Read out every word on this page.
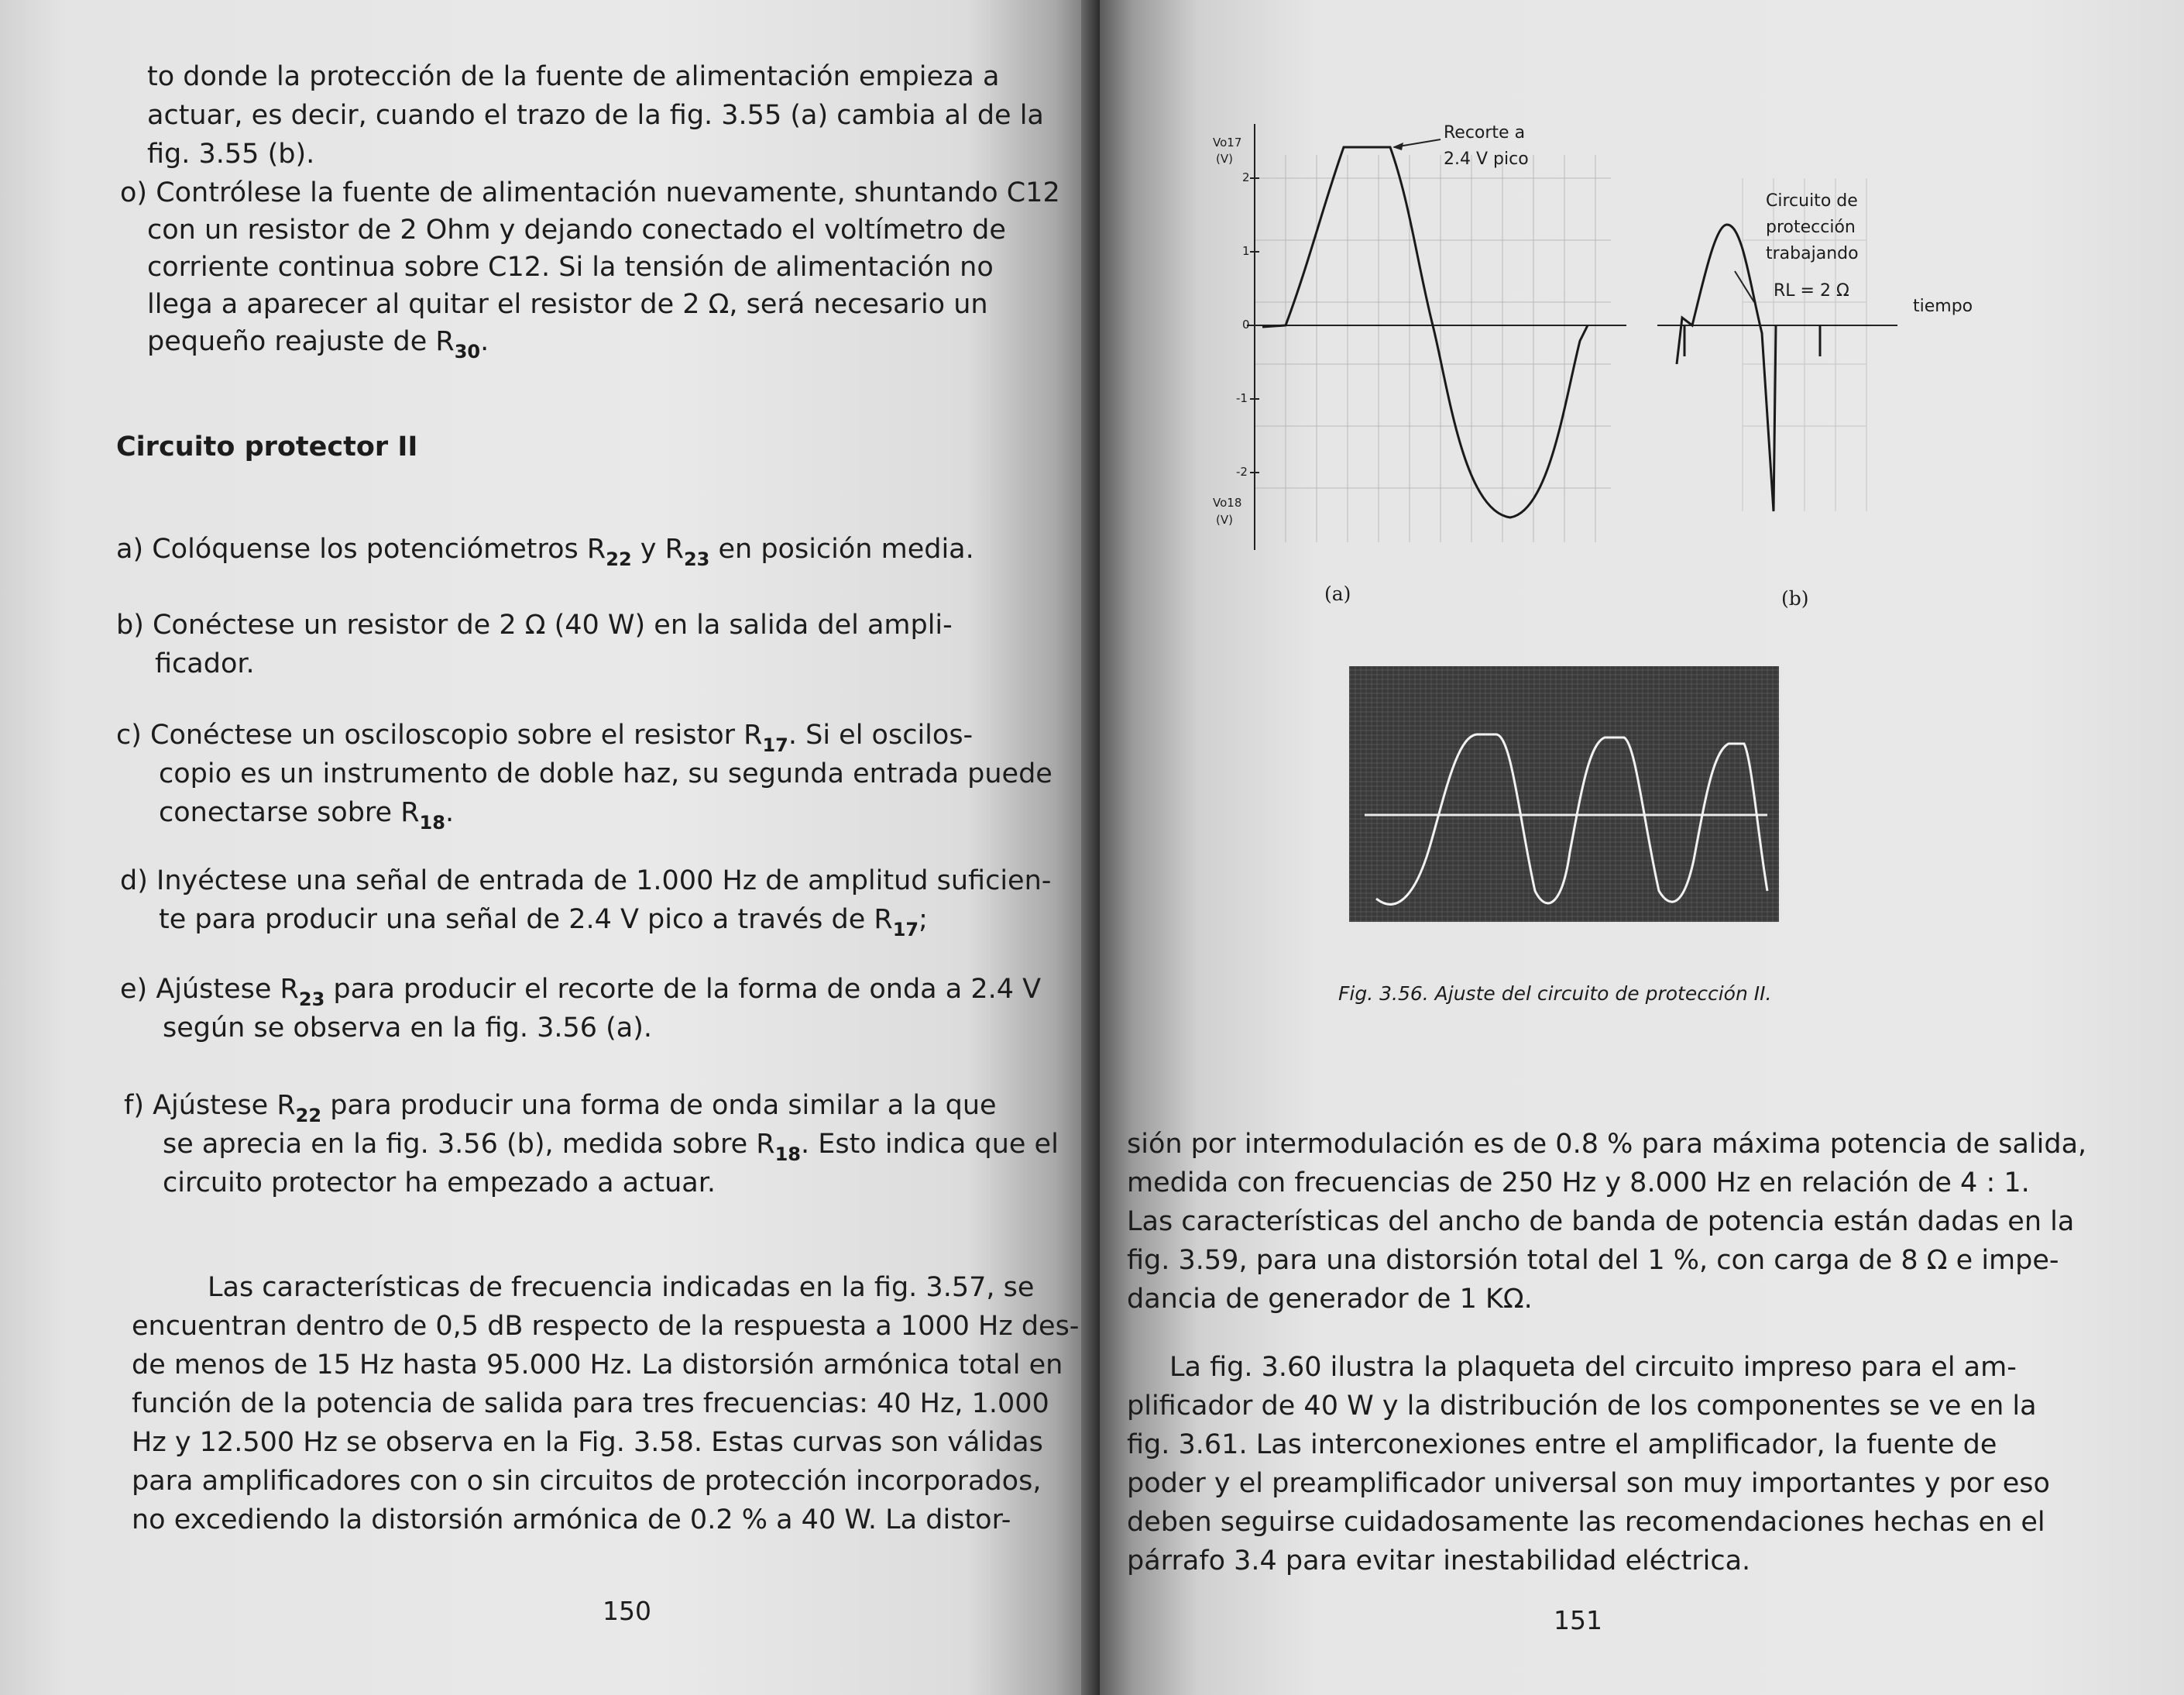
to donde la protección de la fuente de alimentación empieza a
actuar, es decir, cuando el trazo de la fig. 3.55 (a) cambia al de la
fig. 3.55 (b).
o) Contrólese la fuente de alimentación nuevamente, shuntando C12
con un resistor de 2 Ohm y dejando conectado el voltímetro de
corriente continua sobre C12. Si la tensión de alimentación no
llega a aparecer al quitar el resistor de 2 Ω, será necesario un
pequeño reajuste de $R_{30}$.
Circuito protector II
a) Colóquense los potenciómetros $R_{22}$ y $R_{23}$ en posición media.
b) Conéctese un resistor de 2 Ω (40 W) en la salida del ampli-
ficador.
c) Conéctese un osciloscopio sobre el resistor $R_{17}$. Si el oscilos-
copio es un instrumento de doble haz, su segunda entrada puede
conectarse sobre $R_{18}$.
d) Inyéctese una señal de entrada de 1.000 Hz de amplitud suficien-
te para producir una señal de 2.4 V pico a través de $R_{17}$;
e) Ajústese $R_{23}$ para producir el recorte de la forma de onda a 2.4 V
según se observa en la fig. 3.56 (a).
f) Ajústese $R_{22}$ para producir una forma de onda similar a la que
se aprecia en la fig. 3.56 (b), medida sobre $R_{18}$. Esto indica que el
circuito protector ha empezado a actuar.
Las características de frecuencia indicadas en la fig. 3.57, se
encuentran dentro de 0,5 dB respecto de la respuesta a 1000 Hz des-
de menos de 15 Hz hasta 95.000 Hz. La distorsión armónica total en
función de la potencia de salida para tres frecuencias: 40 Hz, 1.000
Hz y 12.500 Hz se observa en la Fig. 3.58. Estas curvas son válidas
para amplificadores con o sin circuitos de protección incorporados,
no excediendo la distorsión armónica de 0.2 % a 40 W. La distor-
150
sión por intermodulación es de 0.8 % para máxima potencia de salida,
medida con frecuencias de 250 Hz y 8.000 Hz en relación de 4 : 1.
Las características del ancho de banda de potencia están dadas en la
fig. 3.59, para una distorsión total del 1 %, con carga de 8 Ω e impe-
dancia de generador de 1 KΩ.
La fig. 3.60 ilustra la plaqueta del circuito impreso para el am-
plificador de 40 W y la distribución de los componentes se ve en la
fig. 3.61. Las interconexiones entre el amplificador, la fuente de
poder y el preamplificador universal son muy importantes y por eso
deben seguirse cuidadosamente las recomendaciones hechas en el
párrafo 3.4 para evitar inestabilidad eléctrica.
151
Vo17
(V)
Vo18
(V)
2
1
0
-1
-2
Recorte a
2.4 V pico
Circuito de
protección
trabajando
RL = 2 Ω
tiempo
(a)	(b)
Fig. 3.56. Ajuste del circuito de protección II.
